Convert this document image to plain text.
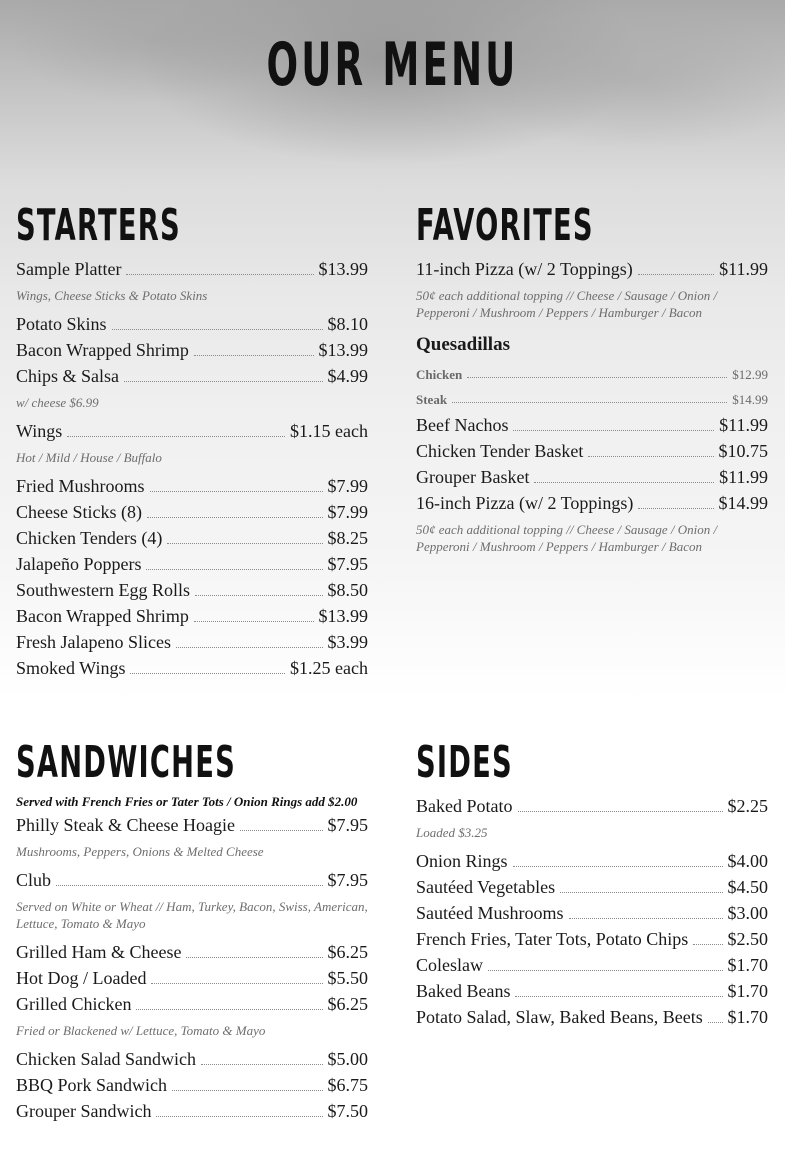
OUR MENU
STARTERS
Sample Platter	$13.99
Wings, Cheese Sticks & Potato Skins
Potato Skins	$8.10
Bacon Wrapped Shrimp	$13.99
Chips & Salsa	$4.99
w/ cheese $6.99
Wings	$1.15 each
Hot / Mild / House / Buffalo
Fried Mushrooms	$7.99
Cheese Sticks (8)	$7.99
Chicken Tenders (4)	$8.25
Jalapeño Poppers	$7.95
Southwestern Egg Rolls	$8.50
Bacon Wrapped Shrimp	$13.99
Fresh Jalapeno Slices	$3.99
Smoked Wings	$1.25 each
FAVORITES
11-inch Pizza (w/ 2 Toppings)	$11.99
50¢ each additional topping // Cheese / Sausage / Onion / Pepperoni / Mushroom / Peppers / Hamburger / Bacon
Quesadillas
Chicken	$12.99
Steak	$14.99
Beef Nachos	$11.99
Chicken Tender Basket	$10.75
Grouper Basket	$11.99
16-inch Pizza (w/ 2 Toppings)	$14.99
50¢ each additional topping // Cheese / Sausage / Onion / Pepperoni / Mushroom / Peppers / Hamburger / Bacon
SANDWICHES
Served with French Fries or Tater Tots / Onion Rings add $2.00
Philly Steak & Cheese Hoagie	$7.95
Mushrooms, Peppers, Onions & Melted Cheese
Club	$7.95
Served on White or Wheat // Ham, Turkey, Bacon, Swiss, American, Lettuce, Tomato & Mayo
Grilled Ham & Cheese	$6.25
Hot Dog / Loaded	$5.50
Grilled Chicken	$6.25
Fried or Blackened w/ Lettuce, Tomato & Mayo
Chicken Salad Sandwich	$5.00
BBQ Pork Sandwich	$6.75
Grouper Sandwich	$7.50
SIDES
Baked Potato	$2.25
Loaded $3.25
Onion Rings	$4.00
Sautéed Vegetables	$4.50
Sautéed Mushrooms	$3.00
French Fries, Tater Tots, Potato Chips $2.50
Coleslaw	$1.70
Baked Beans	$1.70
Potato Salad, Slaw, Baked Beans, Beets $1.70
